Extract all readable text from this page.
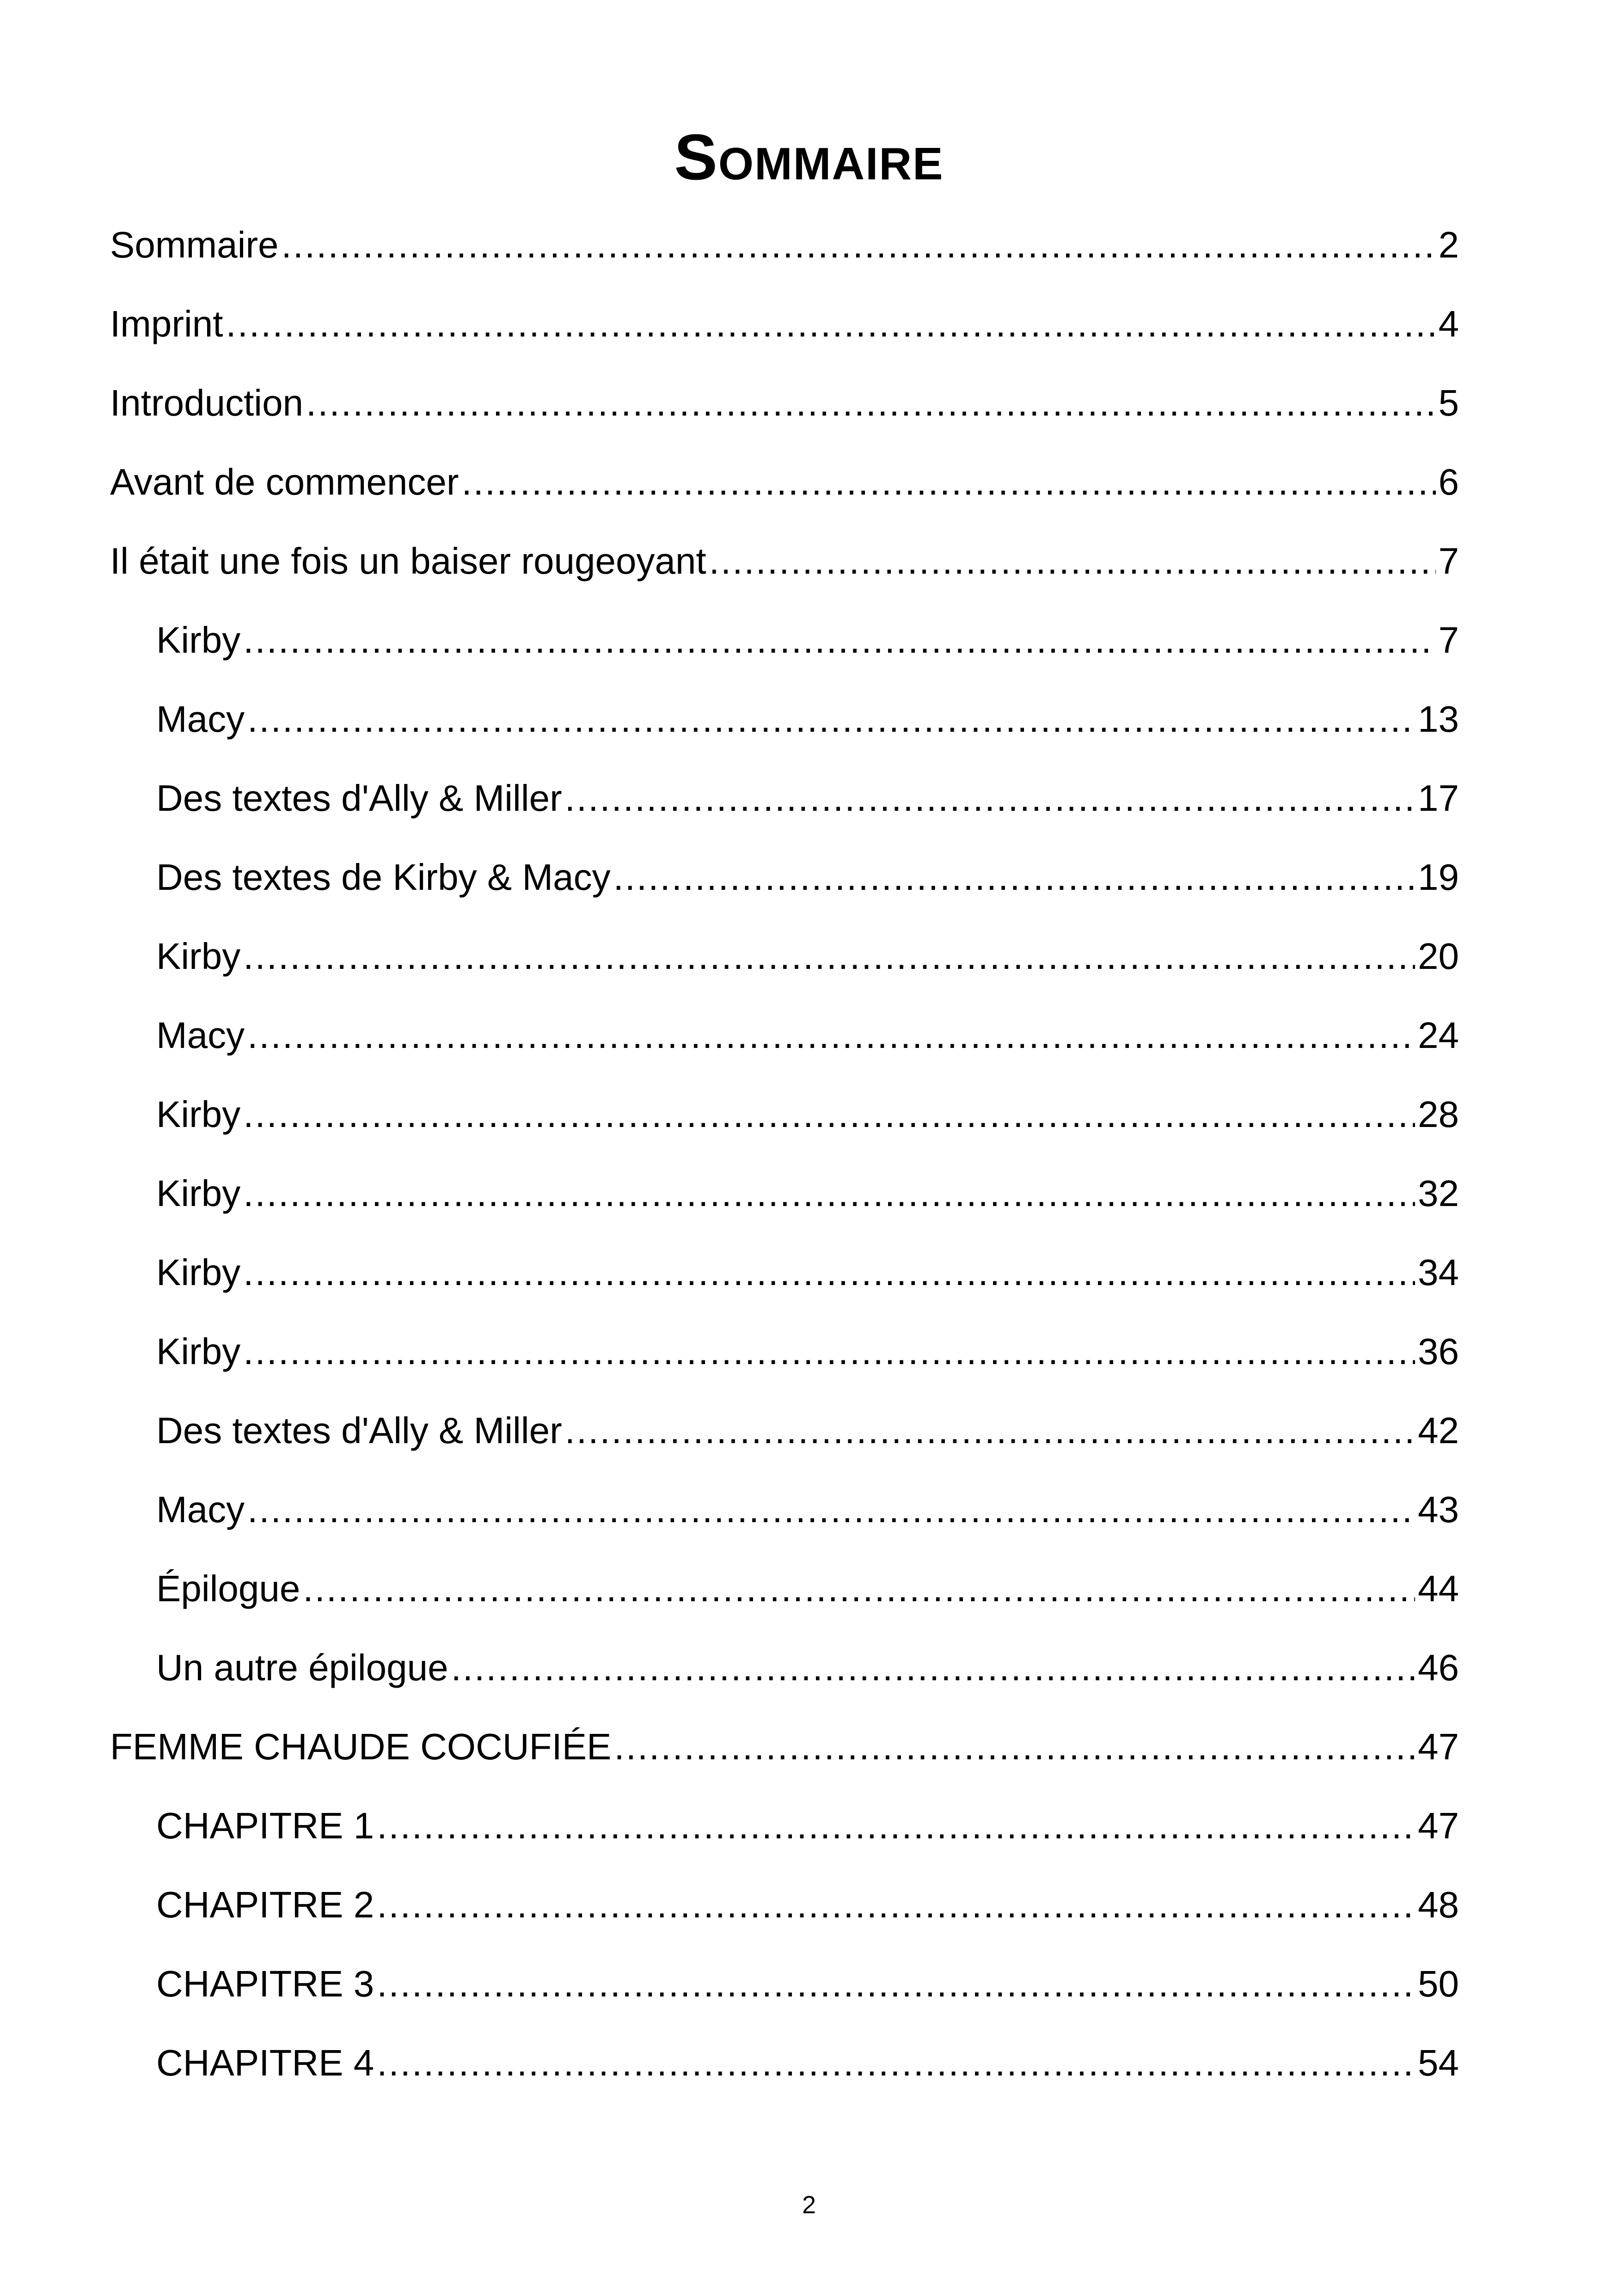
Sommaire
Sommaire .....	2
Imprint .....	4
Introduction .....	5
Avant de commencer .....	6
Il était une fois un baiser rougeoyant .....	7
Kirby .....	7
Macy .....	13
Des textes d'Ally & Miller .....	17
Des textes de Kirby & Macy .....	19
Kirby .....	20
Macy .....	24
Kirby .....	28
Kirby .....	32
Kirby .....	34
Kirby .....	36
Des textes d'Ally & Miller .....	42
Macy .....	43
Épilogue .....	44
Un autre épilogue .....	46
FEMME CHAUDE COCUFIÉE .....	47
CHAPITRE 1 .....	47
CHAPITRE 2 .....	48
CHAPITRE 3 .....	50
CHAPITRE 4 .....	54
2
